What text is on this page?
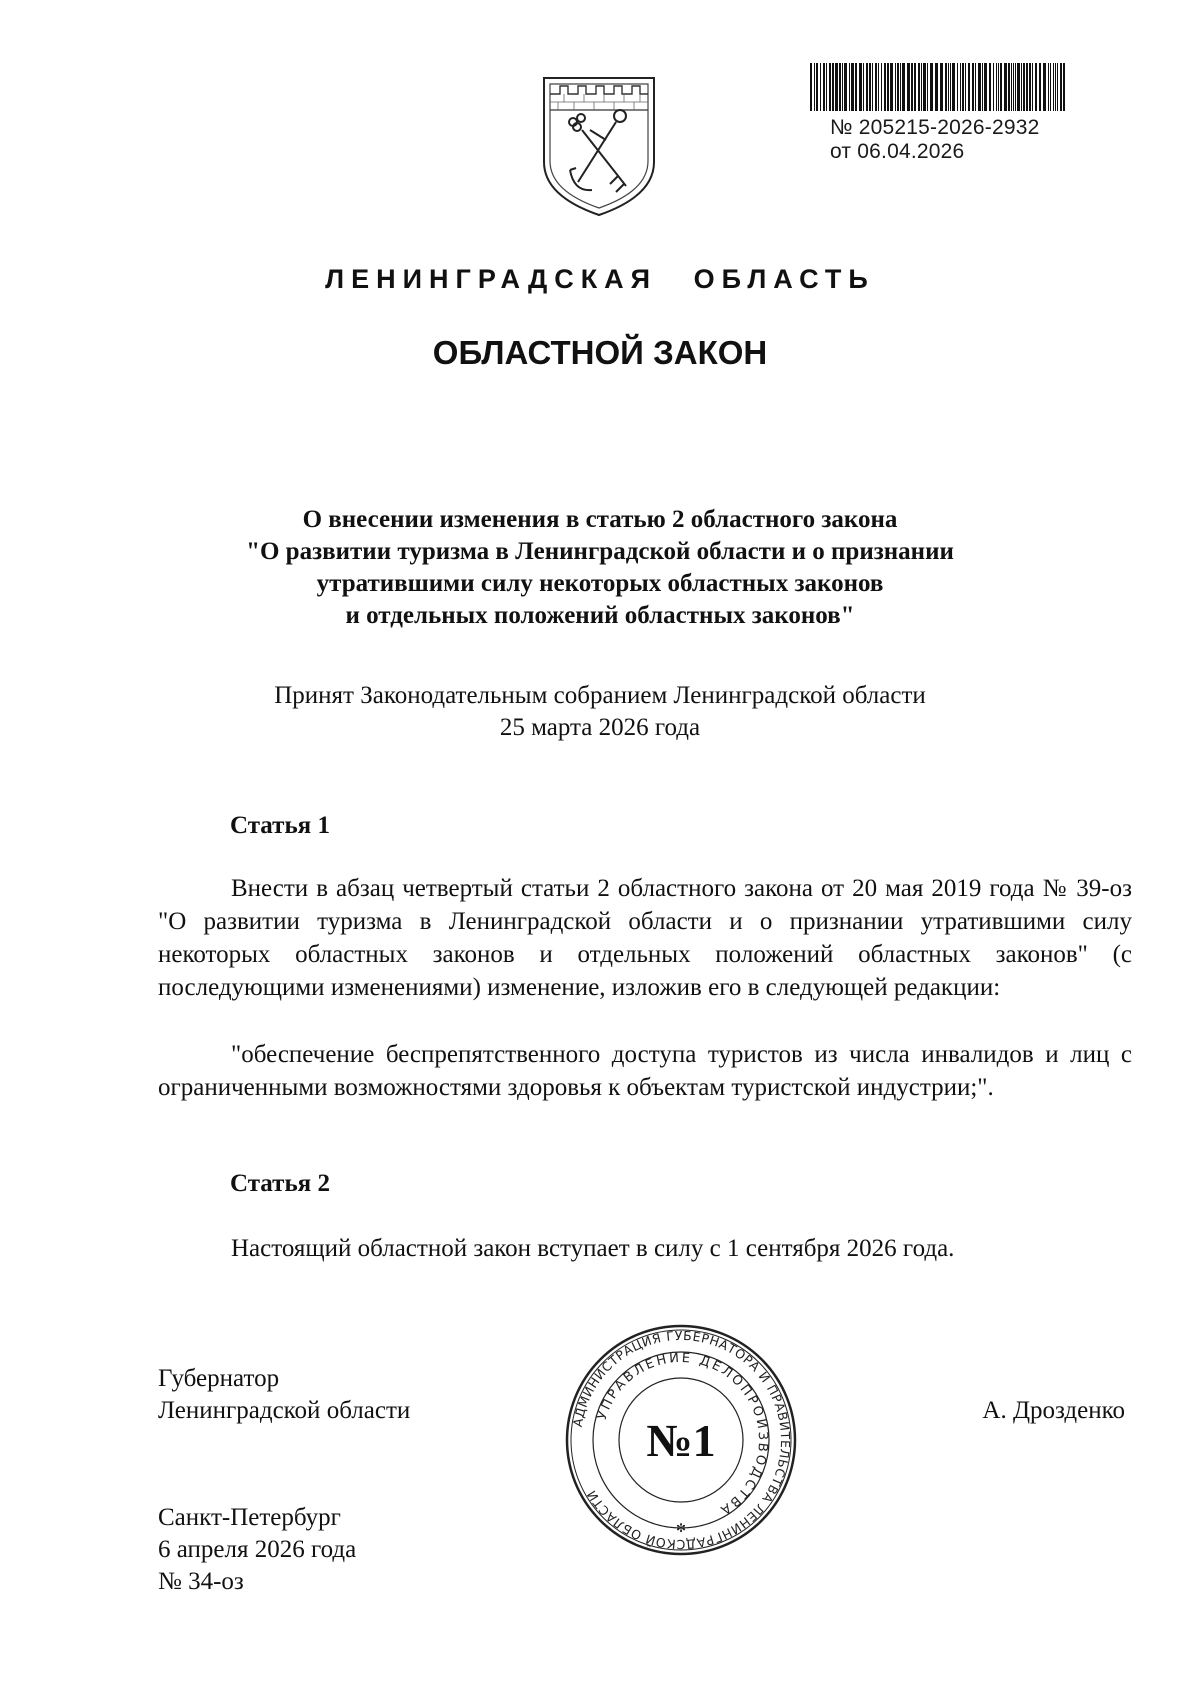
№ 205215-2026-2932
от 06.04.2026
ЛЕНИНГРАДСКАЯ ОБЛАСТЬ
ОБЛАСТНОЙ ЗАКОН
О внесении изменения в статью 2 областного закона
"О развитии туризма в Ленинградской области и о признании
утратившими силу некоторых областных законов
и отдельных положений областных законов"
Принят Законодательным собранием Ленинградской области
25 марта 2026 года
Статья 1
Внести в абзац четвертый статьи 2 областного закона от 20 мая 2019 года № 39-оз "О развитии туризма в Ленинградской области и о признании утратившими силу некоторых областных законов и отдельных положений областных законов" (с последующими изменениями) изменение, изложив его в следующей редакции:
"обеспечение беспрепятственного доступа туристов из числа инвалидов и лиц с ограниченными возможностями здоровья к объектам туристской индустрии;".
Статья 2
Настоящий областной закон вступает в силу с 1 сентября 2026 года.
Губернатор
Ленинградской области	А. Дрозденко
Санкт-Петербург
6 апреля 2026 года
№ 34-оз
АДМИНИСТРАЦИЯ ГУБЕРНАТОРА И ПРАВИТЕЛЬСТВА ЛЕНИНГРАДСКОЙ ОБЛАСТИ
УПРАВЛЕНИЕ ДЕЛОПРОИЗВОДСТВА
№1
✻
